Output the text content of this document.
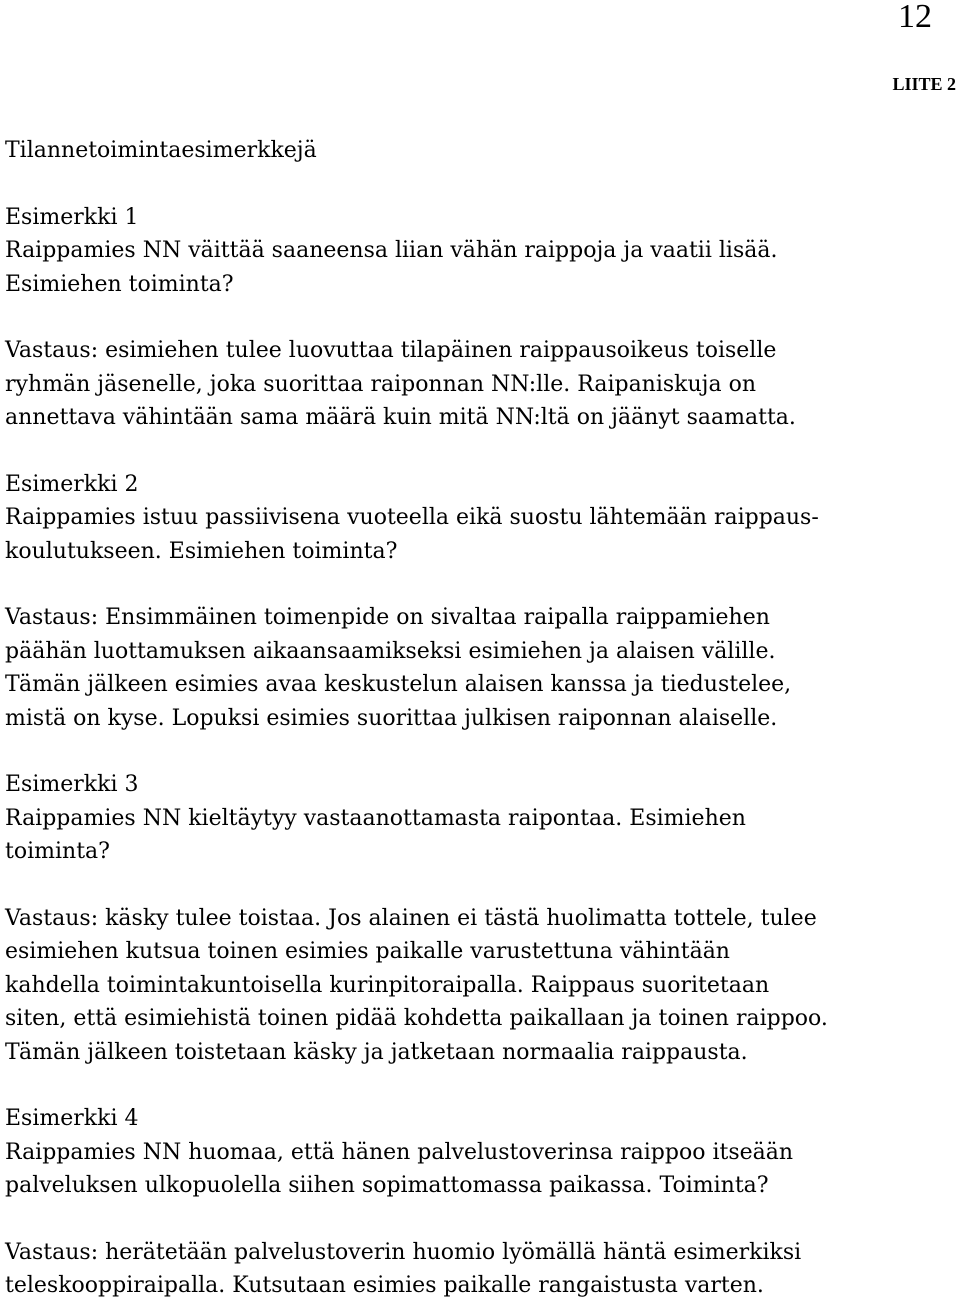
12
LIITE 2

Tilannetoimintaesimerkkejä

Esimerkki 1
Raippamies NN väittää saaneensa liian vähän raippoja ja vaatii lisää.
Esimiehen toiminta?

Vastaus: esimiehen tulee luovuttaa tilapäinen raippausoikeus toiselle
ryhmän jäsenelle, joka suorittaa raiponnan NN:lle. Raipaniskuja on
annettava vähintään sama määrä kuin mitä NN:ltä on jäänyt saamatta.

Esimerkki 2
Raippamies istuu passiivisena vuoteella eikä suostu lähtemään raippaus-
koulutukseen. Esimiehen toiminta?

Vastaus: Ensimmäinen toimenpide on sivaltaa raipalla raippamiehen
päähän luottamuksen aikaansaamikseksi esimiehen ja alaisen välille.
Tämän jälkeen esimies avaa keskustelun alaisen kanssa ja tiedustelee,
mistä on kyse. Lopuksi esimies suorittaa julkisen raiponnan alaiselle.

Esimerkki 3
Raippamies NN kieltäytyy vastaanottamasta raipontaa. Esimiehen
toiminta?

Vastaus: käsky tulee toistaa. Jos alainen ei tästä huolimatta tottele, tulee
esimiehen kutsua toinen esimies paikalle varustettuna vähintään
kahdella toimintakuntoisella kurinpitoraipalla. Raippaus suoritetaan
siten, että esimiehistä toinen pidää kohdetta paikallaan ja toinen raippoo.
Tämän jälkeen toistetaan käsky ja jatketaan normaalia raippausta.

Esimerkki 4
Raippamies NN huomaa, että hänen palvelustoverinsa raippoo itseään
palveluksen ulkopuolella siihen sopimattomassa paikassa. Toiminta?

Vastaus: herätetään palvelustoverin huomio lyömällä häntä esimerkiksi
teleskooppiraipalla. Kutsutaan esimies paikalle rangaistusta varten.
